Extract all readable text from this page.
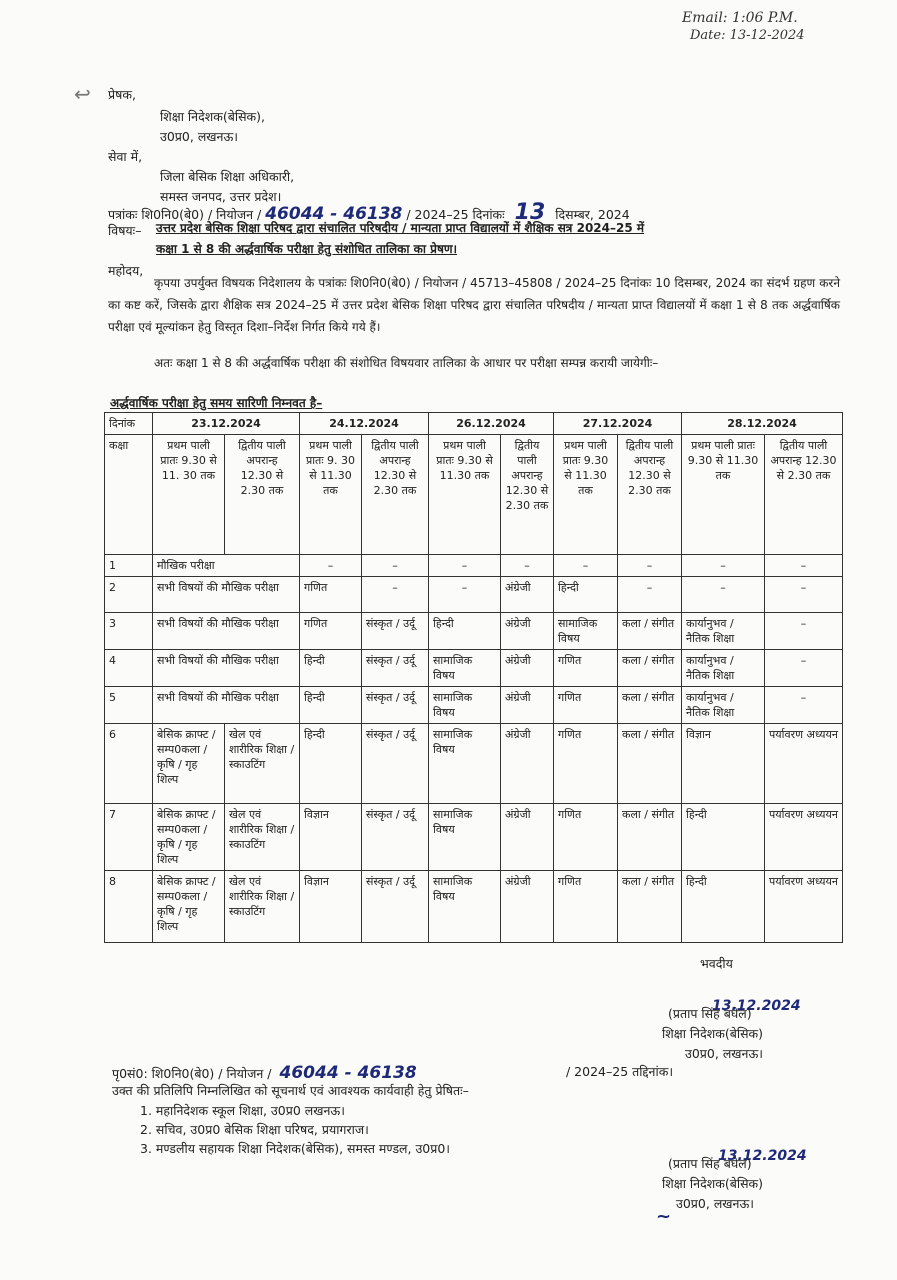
Email: 1:06 P.M.
Date: 13-12-2024
↩ प्रेषक,
शिक्षा निदेशक(बेसिक),
उ0प्र0, लखनऊ।
सेवा में,
जिला बेसिक शिक्षा अधिकारी,
समस्त जनपद, उत्तर प्रदेश।
पत्रांकः शि0नि0(बे0) / नियोजन / 46044 - 46138 / 2024–25 दिनांकः 13 दिसम्बर, 2024
विषयः– उत्तर प्रदेश बेसिक शिक्षा परिषद द्वारा संचालित परिषदीय / मान्यता प्राप्त विद्यालयों में शैक्षिक सत्र 2024–25 में
कक्षा 1 से 8 की अर्द्धवार्षिक परीक्षा हेतु संशोधित तालिका का प्रेषण।
महोदय,
कृपया उपर्युक्त विषयक निदेशालय के पत्रांकः शि0नि0(बे0) / नियोजन / 45713–45808 / 2024–25 दिनांकः 10 दिसम्बर, 2024 का संदर्भ ग्रहण करने का कष्ट करें, जिसके द्वारा शैक्षिक सत्र 2024–25 में उत्तर प्रदेश बेसिक शिक्षा परिषद द्वारा संचालित परिषदीय / मान्यता प्राप्त विद्यालयों में कक्षा 1 से 8 तक अर्द्धवार्षिक परीक्षा एवं मूल्यांकन हेतु विस्तृत दिशा–निर्देश निर्गत किये गये हैं।
अतः कक्षा 1 से 8 की अर्द्धवार्षिक परीक्षा की संशोधित विषयवार तालिका के आधार पर परीक्षा सम्पन्न करायी जायेगीः–
अर्द्धवार्षिक परीक्षा हेतु समय सारिणी निम्नवत है–
दिनांक	23.12.2024		24.12.2024		26.12.2024		27.12.2024		28.12.2024	
कक्षा	प्रथम पाली प्रातः 9.30 से 11. 30 तक	द्वितीय पाली अपरान्ह 12.30 से 2.30 तक	प्रथम पाली प्रातः 9. 30 से 11.30 तक	द्वितीय पाली अपरान्ह 12.30 से 2.30 तक	प्रथम पाली प्रातः 9.30 से 11.30 तक	द्वितीय पाली अपरान्ह 12.30 से 2.30 तक	प्रथम पाली प्रातः 9.30 से 11.30 तक	द्वितीय पाली अपरान्ह 12.30 से 2.30 तक	प्रथम पाली प्रातः 9.30 से 11.30 तक	द्वितीय पाली अपरान्ह 12.30 से 2.30 तक
1	मौखिक परीक्षा		–	–	–	–	–	–	–	–
2	सभी विषयों की मौखिक परीक्षा		गणित	–	–	अंग्रेजी	हिन्दी	–	–	–
3	सभी विषयों की मौखिक परीक्षा		गणित	संस्कृत / उर्दू	हिन्दी	अंग्रेजी	सामाजिक विषय	कला / संगीत	कार्यानुभव / नैतिक शिक्षा	–
4	सभी विषयों की मौखिक परीक्षा		हिन्दी	संस्कृत / उर्दू	सामाजिक विषय	अंग्रेजी	गणित	कला / संगीत	कार्यानुभव / नैतिक शिक्षा	–
5	सभी विषयों की मौखिक परीक्षा		हिन्दी	संस्कृत / उर्दू	सामाजिक विषय	अंग्रेजी	गणित	कला / संगीत	कार्यानुभव / नैतिक शिक्षा	–
6	बेसिक क्राफ्ट / सम्प0कला / कृषि / गृह शिल्प	खेल एवं शारीरिक शिक्षा / स्काउटिंग	हिन्दी	संस्कृत / उर्दू	सामाजिक विषय	अंग्रेजी	गणित	कला / संगीत	विज्ञान	पर्यावरण अध्ययन
7	बेसिक क्राफ्ट / सम्प0कला / कृषि / गृह शिल्प	खेल एवं शारीरिक शिक्षा / स्काउटिंग	विज्ञान	संस्कृत / उर्दू	सामाजिक विषय	अंग्रेजी	गणित	कला / संगीत	हिन्दी	पर्यावरण अध्ययन
8	बेसिक क्राफ्ट / सम्प0कला / कृषि / गृह शिल्प	खेल एवं शारीरिक शिक्षा / स्काउटिंग	विज्ञान	संस्कृत / उर्दू	सामाजिक विषय	अंग्रेजी	गणित	कला / संगीत	हिन्दी	पर्यावरण अध्ययन
भवदीय
13.12.2024
(प्रताप सिंह बघेल)
शिक्षा निदेशक(बेसिक)
उ0प्र0, लखनऊ।
पृ0सं0: शि0नि0(बे0) / नियोजन / 46044 - 46138	/ 2024–25 तद्दिनांक।
उक्त की प्रतिलिपि निम्नलिखित को सूचनार्थ एवं आवश्यक कार्यवाही हेतु प्रेषितः–
1. महानिदेशक स्कूल शिक्षा, उ0प्र0 लखनऊ।
2. सचिव, उ0प्र0 बेसिक शिक्षा परिषद, प्रयागराज।
3. मण्डलीय सहायक शिक्षा निदेशक(बेसिक), समस्त मण्डल, उ0प्र0।	13.12.2024
(प्रताप सिंह बघेल)
शिक्षा निदेशक(बेसिक)
उ0प्र0, लखनऊ।
~
